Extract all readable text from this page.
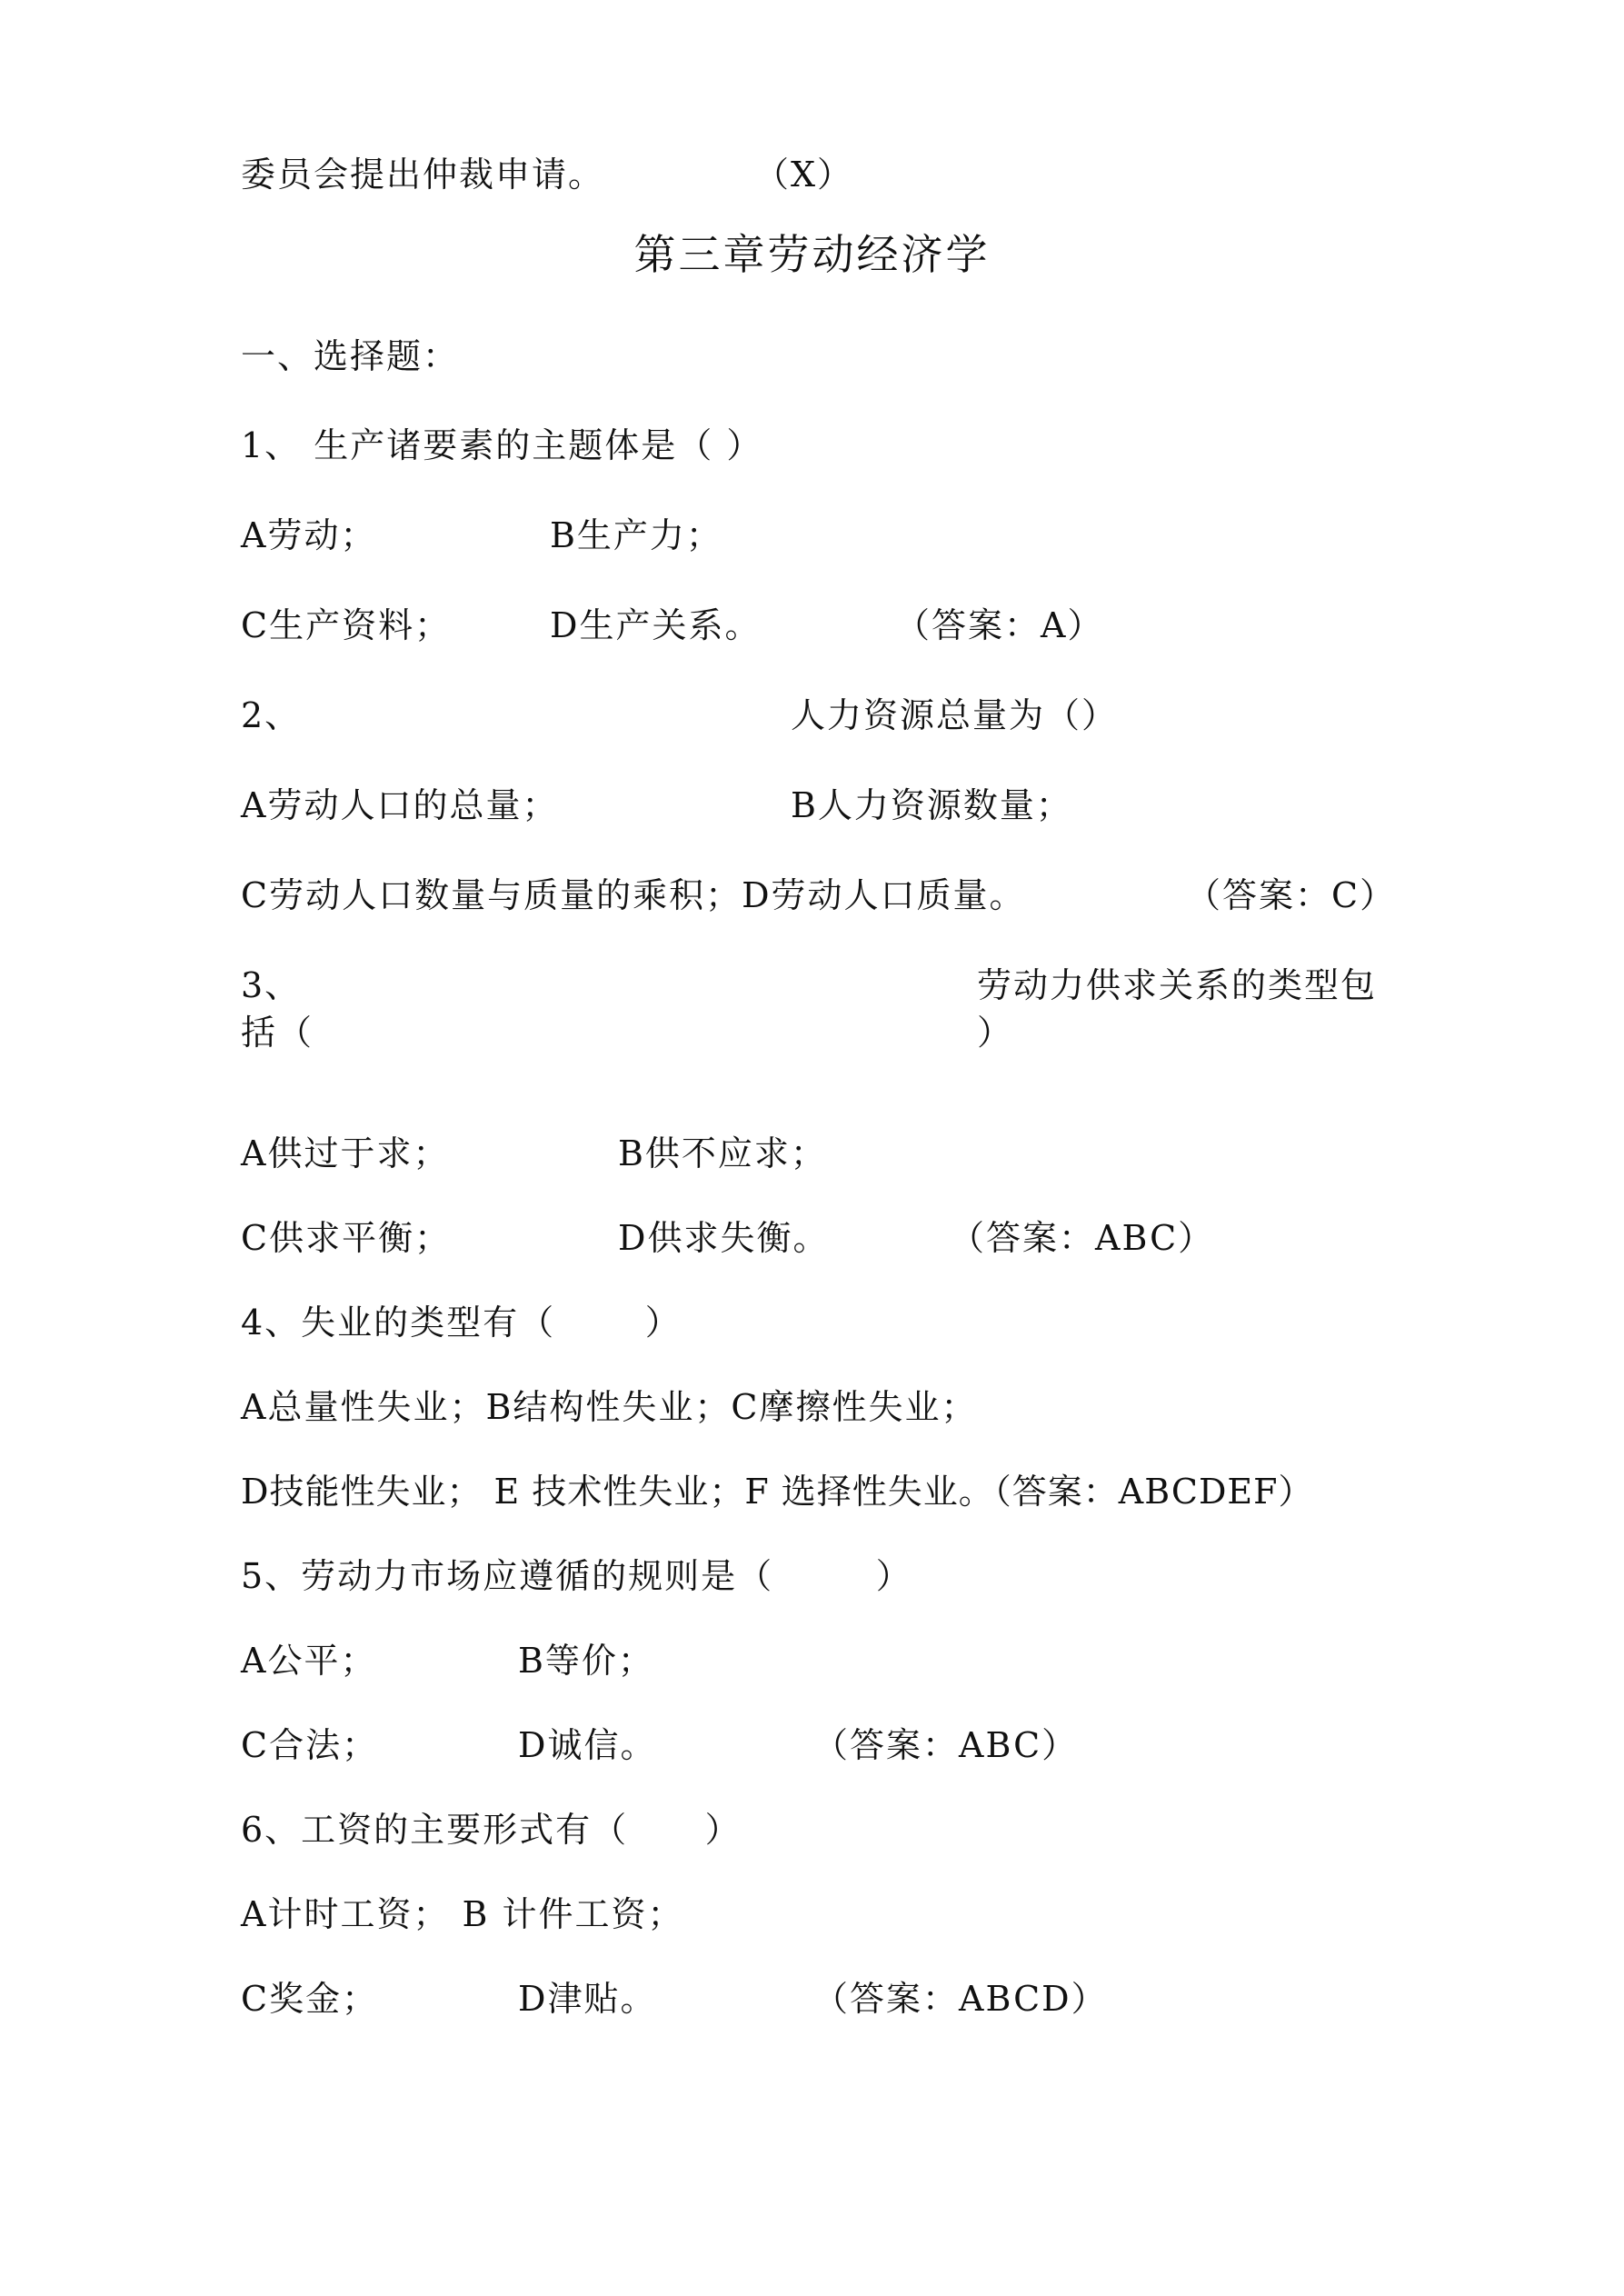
委员会提出仲裁申请。	（X）
第三章劳动经济学
一、选择题：
1、 生产诸要素的主题体是（ ）
A劳动；	B生产力；
C生产资料；	D生产关系。	（答案：A）
2、	人力资源总量为（）
A劳动人口的总量；	B人力资源数量；
C劳动人口数量与质量的乘积；D劳动人口质量。	（答案：C）
3、	劳动力供求关系的类型包
括（	）
A供过于求；	B供不应求；
C供求平衡；	D供求失衡。	（答案：ABC）
4、失业的类型有（       ）
A总量性失业；B结构性失业；C摩擦性失业；
D技能性失业； E 技术性失业；F 选择性失业。（答案：ABCDEF）
5、劳动力市场应遵循的规则是（        ）
A公平；	B等价；
C合法；	D诚信。	（答案：ABC）
6、工资的主要形式有（      ）
A计时工资； B 计件工资；
C奖金；	D津贴。	（答案：ABCD）
